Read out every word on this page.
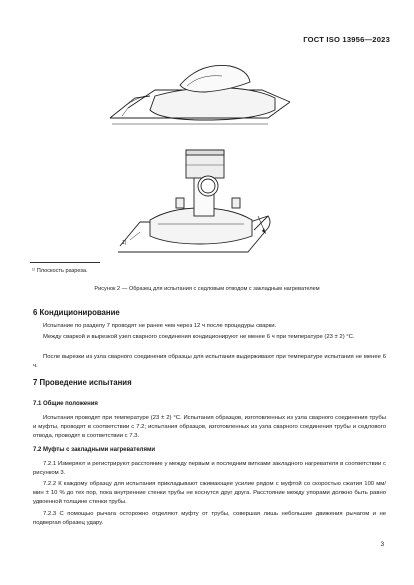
ГОСТ ISO 13956—2023
1)
¹⁾ Плоскость разреза.
Рисунок 2 — Образец для испытания с седловым отводом с закладным нагревателем
6 Кондиционирование
Испытание по разделу 7 проводят не ранее чем через 12 ч после процедуры сварки.
Между сваркой и вырезкой узел сварного соединения кондиционируют не менее 6 ч при температуре (23 ± 2) °C.
После вырезки из узла сварного соединения образцы для испытания выдерживают при температуре испытания не менее 6 ч.
7 Проведение испытания
7.1 Общие положения
Испытания проводят при температуре (23 ± 2) °C. Испытания образцов, изготовленных из узла сварного соединения трубы и муфты, проводят в соответствии с 7.2; испытания образцов, изготовленных из узла сварного соединения трубы и седлового отвода, проводят в соответствии с 7.3.
7.2 Муфты с закладными нагревателями
7.2.1 Измеряют и регистрируют расстояние y между первым и последним витками закладного нагревателя в соответствии с рисунком 3.
7.2.2 К каждому образцу для испытания прикладывают сжимающее усилие рядом с муфтой со скоростью сжатия 100 мм/мин ± 10 % до тех пор, пока внутренние стенки трубы не коснутся друг друга. Расстояние между упорами должно быть равно удвоенной толщине стенки трубы.
7.2.3 С помощью рычага осторожно отделяют муфту от трубы, совершая лишь небольшие движения рычагом и не подвергая образец удару.
3
